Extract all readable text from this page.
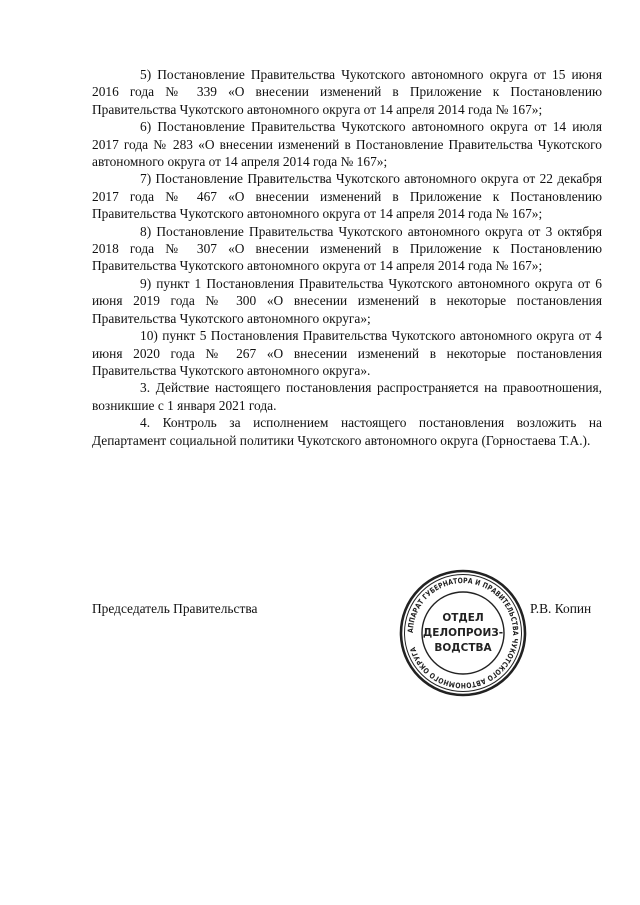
5) Постановление Правительства Чукотского автономного округа от 15 июня 2016 года № 339 «О внесении изменений в Приложение к Постановлению Правительства Чукотского автономного округа от 14 апреля 2014 года № 167»;

6) Постановление Правительства Чукотского автономного округа от 14 июля 2017 года № 283 «О внесении изменений в Постановление Правительства Чукотского автономного округа от 14 апреля 2014 года № 167»;

7) Постановление Правительства Чукотского автономного округа от 22 декабря 2017 года № 467 «О внесении изменений в Приложение к Постановлению Правительства Чукотского автономного округа от 14 апреля 2014 года № 167»;

8) Постановление Правительства Чукотского автономного округа от 3 октября 2018 года № 307 «О внесении изменений в Приложение к Постановлению Правительства Чукотского автономного округа от 14 апреля 2014 года № 167»;

9) пункт 1 Постановления Правительства Чукотского автономного округа от 6 июня 2019 года № 300 «О внесении изменений в некоторые постановления Правительства Чукотского автономного округа»;

10) пункт 5 Постановления Правительства Чукотского автономного округа от 4 июня 2020 года № 267 «О внесении изменений в некоторые постановления Правительства Чукотского автономного округа».

3. Действие настоящего постановления распространяется на правоотношения, возникшие с 1 января 2021 года.

4. Контроль за исполнением настоящего постановления возложить на Департамент социальной политики Чукотского автономного округа (Горностаева Т.А.).

Председатель Правительства	Р.В. Копин
АППАРАТ ГУБЕРНАТОРА И ПРАВИТЕЛЬСТВА ЧУКОТСКОГО АВТОНОМНОГО ОКРУГА
ОТДЕЛ
ДЕЛОПРОИЗ-
ВОДСТВА
